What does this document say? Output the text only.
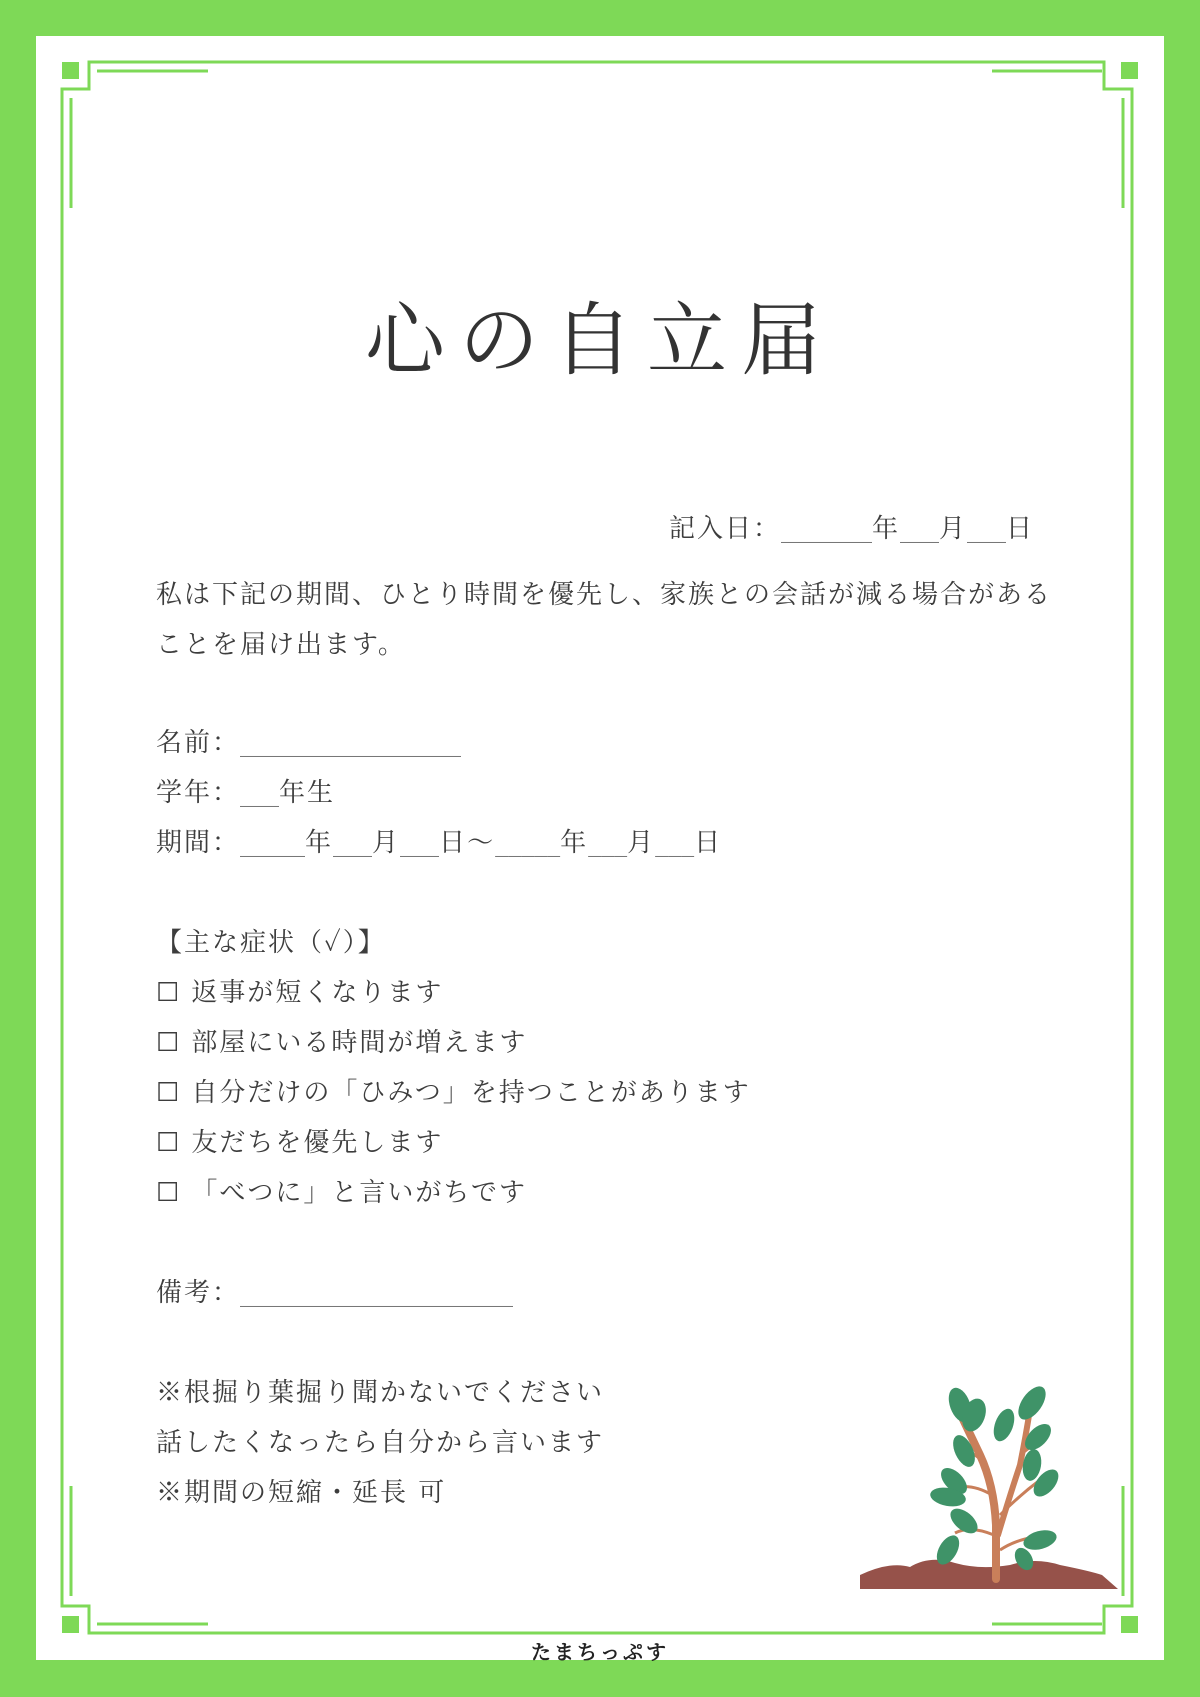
心の自立届
記入日：_______年___月___日
私は下記の期間、ひとり時間を優先し、家族との会話が減る場合があることを届け出ます。
名前：_________________
学年：___年生
期間：_____年___月___日～_____年___月___日
【主な症状（✓）】
☐ 返事が短くなります
☐ 部屋にいる時間が増えます
☐ 自分だけの「ひみつ」を持つことがあります
☐ 友だちを優先します
☐ 「べつに」と言いがちです
備考：_____________________
※根掘り葉掘り聞かないでください
話したくなったら自分から言います
※期間の短縮・延長 可
たまちっぷす
